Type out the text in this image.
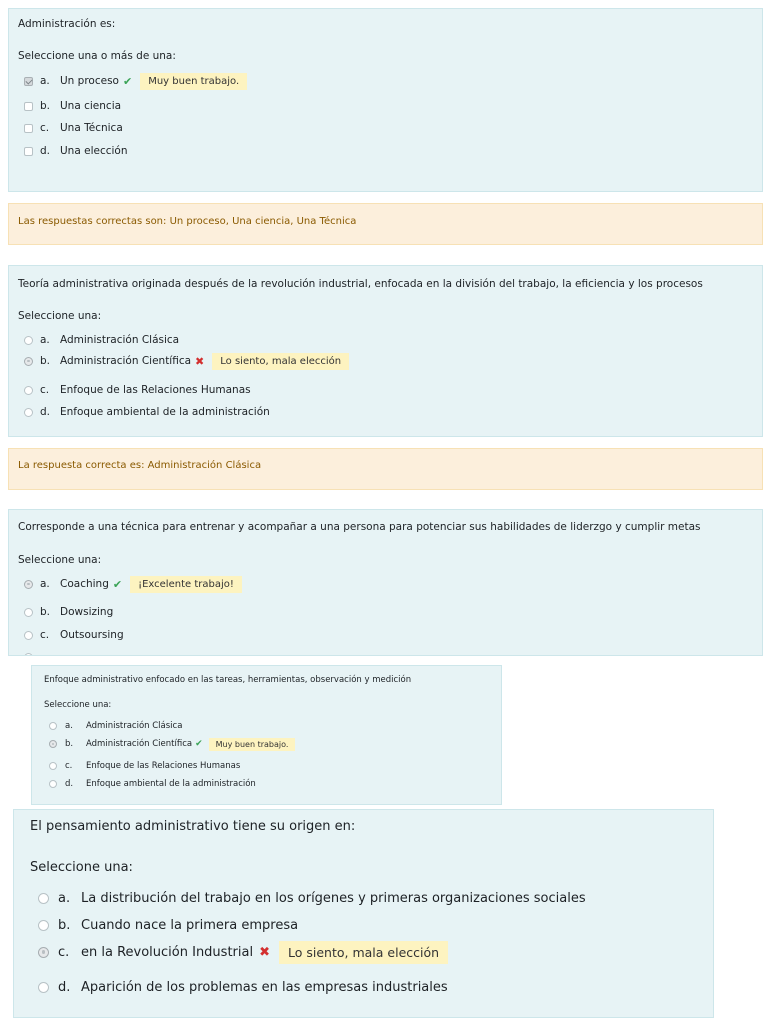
Administración es:
Seleccione una o más de una:
a. Un proceso ✔	Muy buen trabajo.
b. Una ciencia
c.	Una Técnica
d. Una elección
Las respuestas correctas son: Un proceso, Una ciencia, Una Técnica
Teoría administrativa originada después de la revolución industrial, enfocada en la división del trabajo, la eficiencia y los procesos
Seleccione una:
a. Administración Clásica
b. Administración Científica ✖	Lo siento, mala elección
c.	Enfoque de las Relaciones Humanas
d. Enfoque ambiental de la administración
La respuesta correcta es: Administración Clásica
Corresponde a una técnica para entrenar y acompañar a una persona para potenciar sus habilidades de liderzgo y cumplir metas
Seleccione una:
a. Coaching ✔	¡Excelente trabajo!
b. Dowsizing
c.	Outsoursing
Enfoque administrativo enfocado en las tareas, herramientas, observación y medición
Seleccione una:
a.	Administración Clásica
b.	Administración Científica ✔	Muy buen trabajo.
c.	Enfoque de las Relaciones Humanas
d.	Enfoque ambiental de la administración
El pensamiento administrativo tiene su origen en:
Seleccione una:
a. La distribución del trabajo en los orígenes y primeras organizaciones sociales
b. Cuando nace la primera empresa
c. en la Revolución Industrial ✖	Lo siento, mala elección
d. Aparición de los problemas en las empresas industriales
